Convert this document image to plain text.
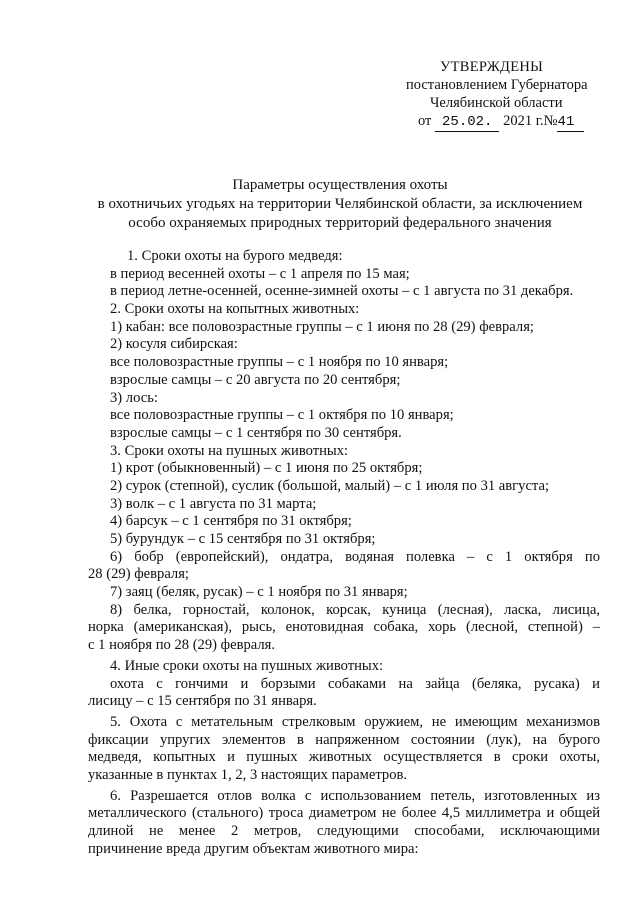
УТВЕРЖДЕНЫ
постановлением Губернатора
Челябинской области
от 25.02. 2021 г.№41
Параметры осуществления охоты
в охотничьих угодьях на территории Челябинской области, за исключением
особо охраняемых природных территорий федерального значения
1. Сроки охоты на бурого медведя:
в период весенней охоты – с 1 апреля по 15 мая;
в период летне-осенней, осенне-зимней охоты – с 1 августа по 31 декабря.
2. Сроки охоты на копытных животных:
1) кабан: все половозрастные группы – с 1 июня по 28 (29) февраля;
2) косуля сибирская:
все половозрастные группы – с 1 ноября по 10 января;
взрослые самцы – с 20 августа по 20 сентября;
3) лось:
все половозрастные группы – с 1 октября по 10 января;
взрослые самцы – с 1 сентября по 30 сентября.
3. Сроки охоты на пушных животных:
1) крот (обыкновенный) – с 1 июня по 25 октября;
2) сурок (степной), суслик (большой, малый) – с 1 июля по 31 августа;
3) волк – с 1 августа по 31 марта;
4) барсук – с 1 сентября по 31 октября;
5) бурундук – с 15 сентября по 31 октября;
6) бобр (европейский), ондатра, водяная полевка – с 1 октября по
28 (29) февраля;
7) заяц (беляк, русак) – с 1 ноября по 31 января;
8) белка, горностай, колонок, корсак, куница (лесная), ласка, лисица,
норка (американская), рысь, енотовидная собака, хорь (лесной, степной) –
с 1 ноября по 28 (29) февраля.
4. Иные сроки охоты на пушных животных:
охота с гончими и борзыми собаками на зайца (беляка, русака) и
лисицу – с 15 сентября по 31 января.
5. Охота с метательным стрелковым оружием, не имеющим механизмов
фиксации упругих элементов в напряженном состоянии (лук), на бурого
медведя, копытных и пушных животных осуществляется в сроки охоты,
указанные в пунктах 1, 2, 3 настоящих параметров.
6. Разрешается отлов волка с использованием петель, изготовленных из
металлического (стального) троса диаметром не более 4,5 миллиметра и общей
длиной не менее 2 метров, следующими способами, исключающими
причинение вреда другим объектам животного мира:
